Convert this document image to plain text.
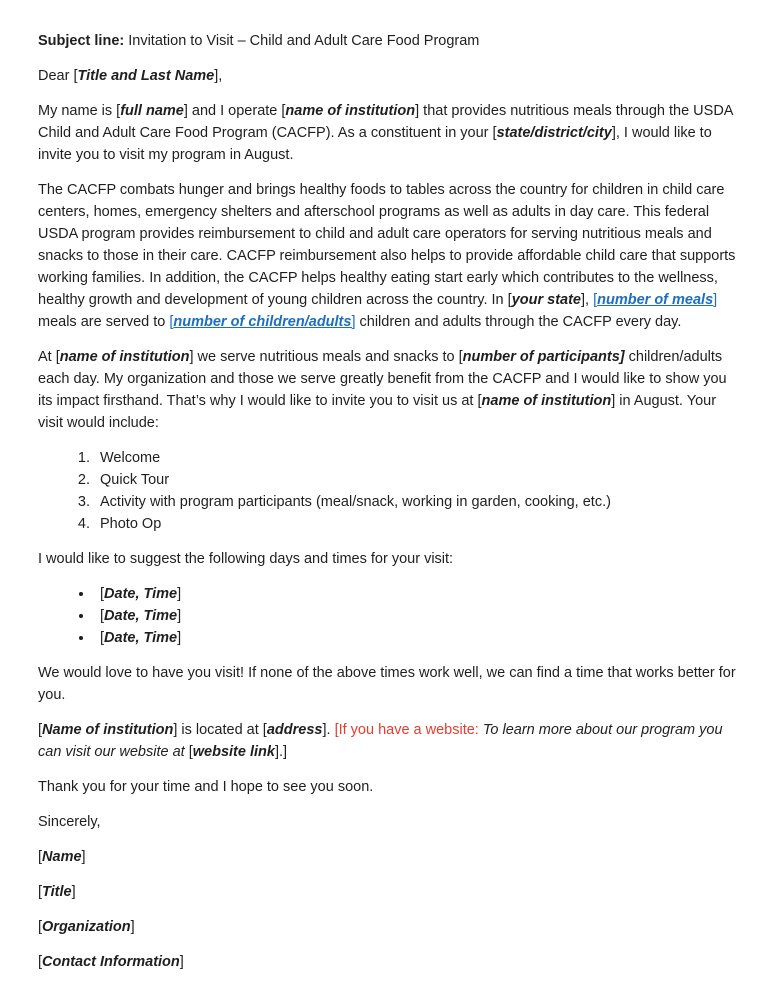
Subject line: Invitation to Visit – Child and Adult Care Food Program

Dear [Title and Last Name],

My name is [full name] and I operate [name of institution] that provides nutritious meals through the USDA Child and Adult Care Food Program (CACFP). As a constituent in your [state/district/city], I would like to invite you to visit my program in August.

The CACFP combats hunger and brings healthy foods to tables across the country for children in child care centers, homes, emergency shelters and afterschool programs as well as adults in day care. This federal USDA program provides reimbursement to child and adult care operators for serving nutritious meals and snacks to those in their care. CACFP reimbursement also helps to provide affordable child care that supports working families. In addition, the CACFP helps healthy eating start early which contributes to the wellness, healthy growth and development of young children across the country. In [your state], [number of meals] meals are served to [number of children/adults] children and adults through the CACFP every day.

At [name of institution] we serve nutritious meals and snacks to [number of participants] children/adults each day. My organization and those we serve greatly benefit from the CACFP and I would like to show you its impact firsthand. That’s why I would like to invite you to visit us at [name of institution] in August. Your visit would include:

1. Welcome
2. Quick Tour
3. Activity with program participants (meal/snack, working in garden, cooking, etc.)
4. Photo Op

I would like to suggest the following days and times for your visit:

• [Date, Time]
• [Date, Time]
• [Date, Time]

We would love to have you visit! If none of the above times work well, we can find a time that works better for you.

[Name of institution] is located at [address]. [If you have a website: To learn more about our program you can visit our website at [website link].]

Thank you for your time and I hope to see you soon.

Sincerely,

[Name]

[Title]

[Organization]

[Contact Information]
